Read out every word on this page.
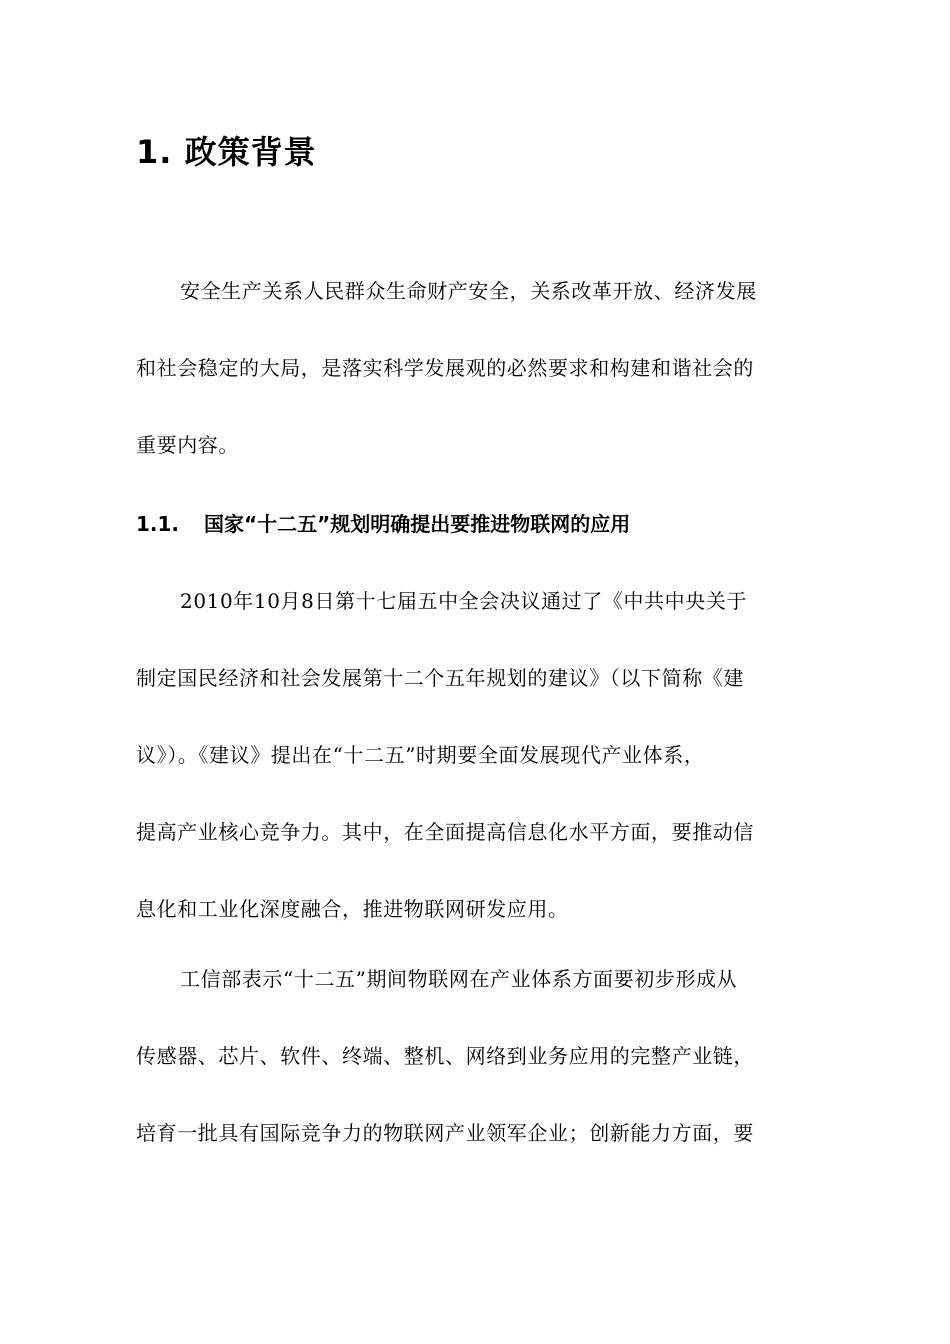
1. 政策背景
安全生产关系人民群众生命财产安全，关系改革开放、经济发展
和社会稳定的大局，是落实科学发展观的必然要求和构建和谐社会的
重要内容。
1.1. 国家“十二五”规划明确提出要推进物联网的应用
2010年10月8日第十七届五中全会决议通过了《中共中央关于
制定国民经济和社会发展第十二个五年规划的建议》（以下简称《建
议》）。《建议》提出在“十二五”时期要全面发展现代产业体系，
提高产业核心竞争力。其中，在全面提高信息化水平方面，要推动信
息化和工业化深度融合，推进物联网研发应用。
工信部表示“十二五”期间物联网在产业体系方面要初步形成从
传感器、芯片、软件、终端、整机、网络到业务应用的完整产业链，
培育一批具有国际竞争力的物联网产业领军企业；创新能力方面，要
